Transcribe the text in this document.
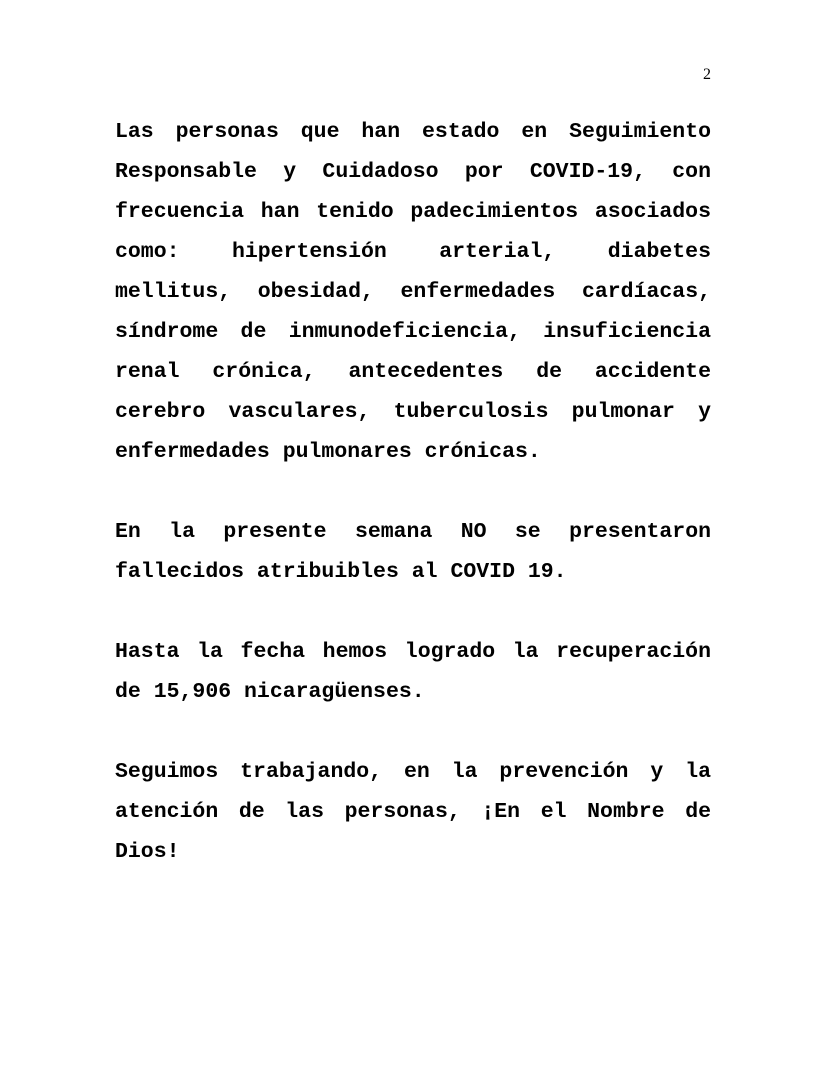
2

Las personas que han estado en Seguimiento Responsable y Cuidadoso por COVID-19, con frecuencia han tenido padecimientos asociados como: hipertensión arterial, diabetes mellitus, obesidad, enfermedades cardíacas, síndrome de inmunodeficiencia, insuficiencia renal crónica, antecedentes de accidente cerebro vasculares, tuberculosis pulmonar y enfermedades pulmonares crónicas.

En la presente semana NO se presentaron fallecidos atribuibles al COVID 19.

Hasta la fecha hemos logrado la recuperación de 15,906 nicaragüenses.

Seguimos trabajando, en la prevención y la atención de las personas, ¡En el Nombre de Dios!
